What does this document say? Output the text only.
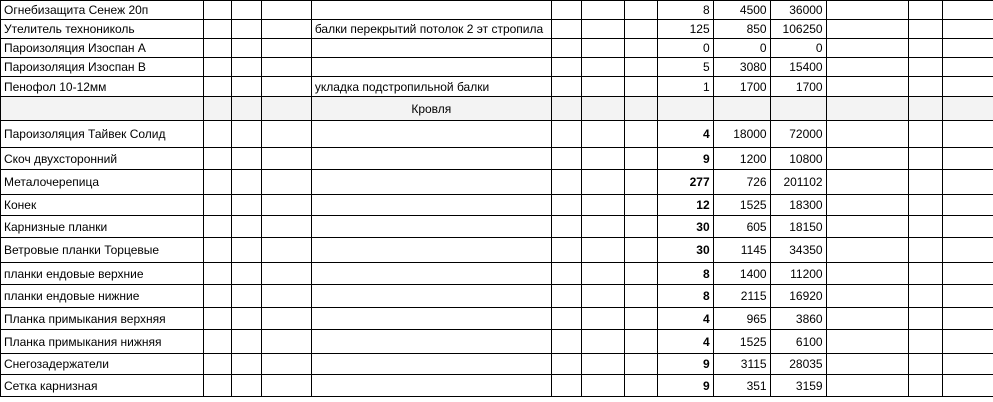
Огнебизащита Сенеж 20п								8	4500	36000			
Утелитель технониколь				балки перекрытий потолок 2 эт стропила				125	850	106250			
Пароизоляция Изоспан А								0	0	0			
Пароизоляция Изоспан В								5	3080	15400			
Пенофол 10-12мм				укладка подстропильной балки				1	1700	1700			
				Кровля									
Пароизоляция Тайвек Солид								4	18000	72000			
Скоч двухсторонний								9	1200	10800			
Металочерепица								277	726	201102			
Конек								12	1525	18300			
Карнизные планки								30	605	18150			
Ветровые планки Торцевые								30	1145	34350			
планки ендовые верхние								8	1400	11200			
планки ендовые нижние								8	2115	16920			
Планка примыкания верхняя								4	965	3860			
Планка примыкания нижняя								4	1525	6100			
Снегозадержатели								9	3115	28035			
Сетка карнизная								9	351	3159			
